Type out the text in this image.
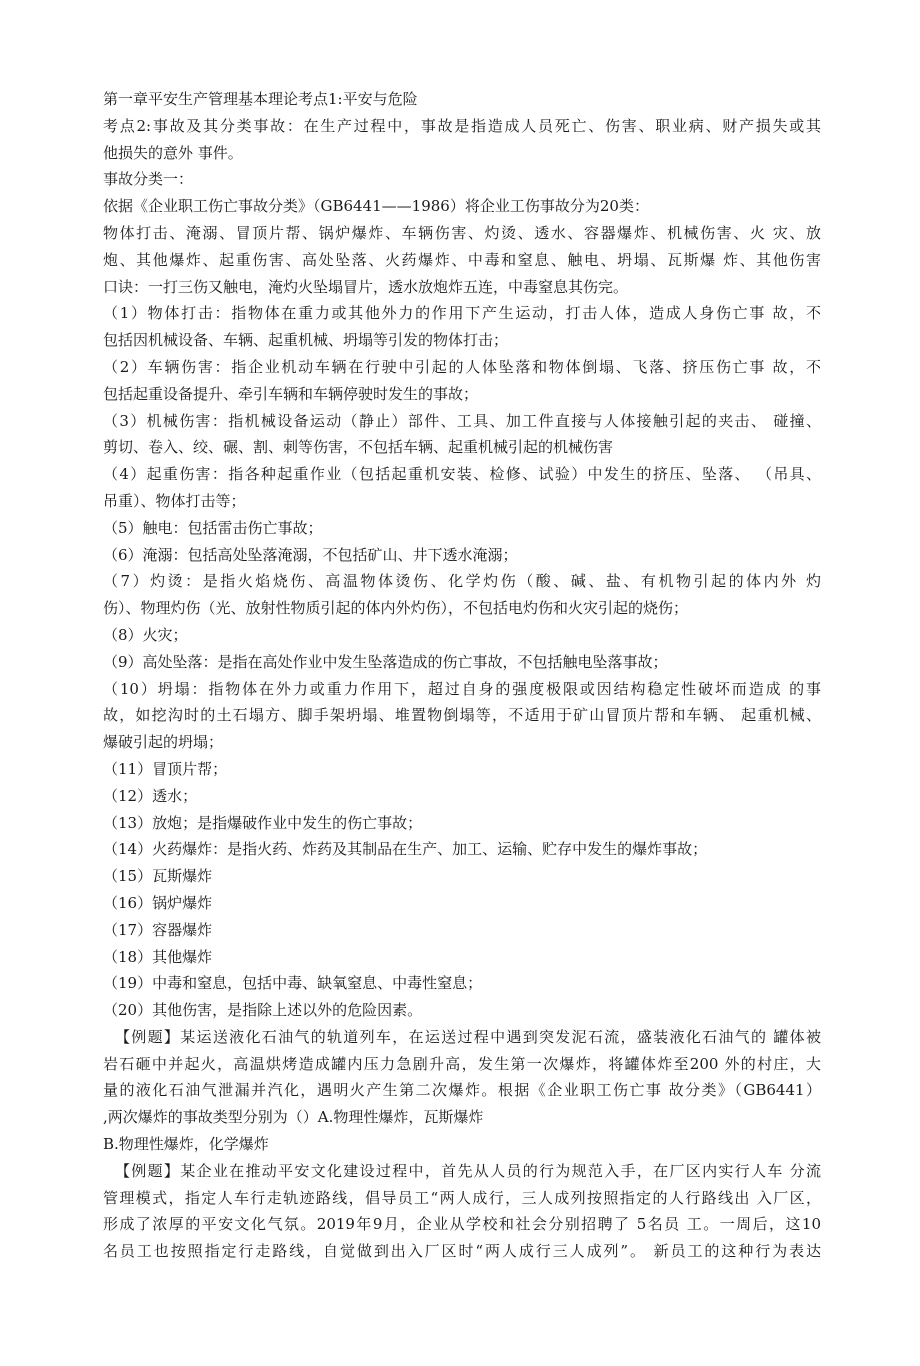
第一章平安生产管理基本理论考点1:平安与危险
考点2:事故及其分类事故：在生产过程中，事故是指造成人员死亡、伤害、职业病、财产损失或其
他损失的意外 事件。
事故分类一：
依据《企业职工伤亡事故分类》（GB6441——1986）将企业工伤事故分为20类：
物体打击、淹溺、冒顶片帮、锅炉爆炸、车辆伤害、灼烫、透水、容器爆炸、机械伤害、火 灾、放
炮、其他爆炸、起重伤害、高处坠落、火药爆炸、中毒和窒息、触电、坍塌、瓦斯爆 炸、其他伤害
口诀：一打三伤又触电，淹灼火坠塌冒片，透水放炮炸五连，中毒窒息其伤完。
（1）物体打击：指物体在重力或其他外力的作用下产生运动，打击人体，造成人身伤亡事 故，不
包括因机械设备、车辆、起重机械、坍塌等引发的物体打击；
（2）车辆伤害：指企业机动车辆在行驶中引起的人体坠落和物体倒塌、飞落、挤压伤亡事 故，不
包括起重设备提升、牵引车辆和车辆停驶时发生的事故；
（3）机械伤害：指机械设备运动（静止）部件、工具、加工件直接与人体接触引起的夹击、 碰撞、
剪切、卷入、绞、碾、割、刺等伤害，不包括车辆、起重机械引起的机械伤害
（4）起重伤害：指各种起重作业（包括起重机安装、检修、试验）中发生的挤压、坠落、 （吊具、
吊重）、物体打击等；
（5）触电：包括雷击伤亡事故；
（6）淹溺：包括高处坠落淹溺，不包括矿山、井下透水淹溺；
（7）灼烫：是指火焰烧伤、高温物体烫伤、化学灼伤（酸、碱、盐、有机物引起的体内外 灼
伤）、物理灼伤（光、放射性物质引起的体内外灼伤），不包括电灼伤和火灾引起的烧伤；
（8）火灾；
（9）高处坠落：是指在高处作业中发生坠落造成的伤亡事故，不包括触电坠落事故；
（10）坍塌：指物体在外力或重力作用下，超过自身的强度极限或因结构稳定性破坏而造成 的事
故，如挖沟时的土石塌方、脚手架坍塌、堆置物倒塌等，不适用于矿山冒顶片帮和车辆、 起重机械、
爆破引起的坍塌；
（11）冒顶片帮；
（12）透水；
（13）放炮；是指爆破作业中发生的伤亡事故；
（14）火药爆炸：是指火药、炸药及其制品在生产、加工、运输、贮存中发生的爆炸事故；
（15）瓦斯爆炸
（16）锅炉爆炸
（17）容器爆炸
（18）其他爆炸
（19）中毒和窒息，包括中毒、缺氧窒息、中毒性窒息；
（20）其他伤害，是指除上述以外的危险因素。
【例题】某运送液化石油气的轨道列车，在运送过程中遇到突发泥石流，盛装液化石油气的 罐体被
岩石砸中并起火，高温烘烤造成罐内压力急剧升高，发生第一次爆炸，将罐体炸至200 外的村庄，大
量的液化石油气泄漏并汽化，遇明火产生第二次爆炸。根据《企业职工伤亡事 故分类》（GB6441）
,两次爆炸的事故类型分别为（）A.物理性爆炸，瓦斯爆炸
B.物理性爆炸，化学爆炸
【例题】某企业在推动平安文化建设过程中，首先从人员的行为规范入手，在厂区内实行人车 分流
管理模式，指定人车行走轨迹路线，倡导员工“两人成行，三人成列按照指定的人行路线出 入厂区，
形成了浓厚的平安文化气氛。2019年9月，企业从学校和社会分别招聘了 5名员 工。一周后，这10
名员工也按照指定行走路线，自觉做到出入厂区时“两人成行三人成列”。 新员工的这种行为表达
